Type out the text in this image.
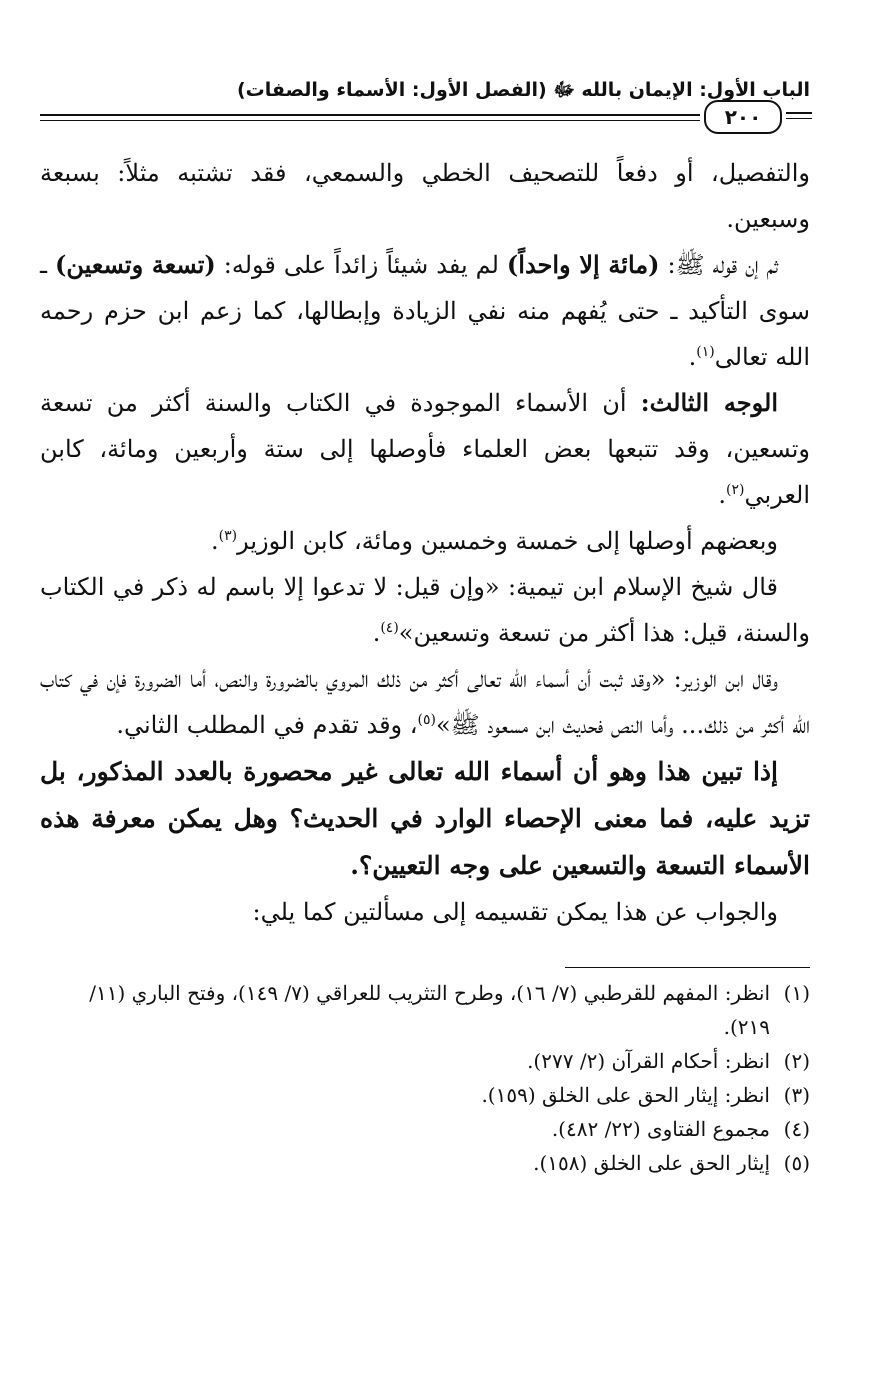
الباب الأول: الإيمان بالله ﷻ (الفصل الأول: الأسماء والصفات)
٢٠٠

والتفصيل، أو دفعاً للتصحيف الخطي والسمعي، فقد تشتبه مثلاً: بسبعة وسبعين.

ثم إن قوله ﷺ: (مائة إلا واحداً) لم يفد شيئاً زائداً على قوله: (تسعة وتسعين) ـ سوى التأكيد ـ حتى يُفهم منه نفي الزيادة وإبطالها، كما زعم ابن حزم رحمه الله تعالى$^{(١)}$.

الوجه الثالث: أن الأسماء الموجودة في الكتاب والسنة أكثر من تسعة وتسعين، وقد تتبعها بعض العلماء فأوصلها إلى ستة وأربعين ومائة، كابن العربي$^{(٢)}$.

وبعضهم أوصلها إلى خمسة وخمسين ومائة، كابن الوزير$^{(٣)}$.

قال شيخ الإسلام ابن تيمية: «وإن قيل: لا تدعوا إلا باسم له ذكر في الكتاب والسنة، قيل: هذا أكثر من تسعة وتسعين»$^{(٤)}$.

وقال ابن الوزير: «وقد ثبت أن أسماء الله تعالى أكثر من ذلك المروي بالضرورة والنص، أما الضرورة فإن في كتاب الله أكثر من ذلك... وأما النص فحديث ابن مسعود ﷺ»$^{(٥)}$، وقد تقدم في المطلب الثاني.

إذا تبين هذا وهو أن أسماء الله تعالى غير محصورة بالعدد المذكور، بل تزيد عليه، فما معنى الإحصاء الوارد في الحديث؟ وهل يمكن معرفة هذه الأسماء التسعة والتسعين على وجه التعيين؟.

والجواب عن هذا يمكن تقسيمه إلى مسألتين كما يلي:

(١)
انظر: المفهم للقرطبي (٧/ ١٦)، وطرح التثريب للعراقي (٧/ ١٤٩)، وفتح الباري (١١/ ٢١٩).
(٢)
انظر: أحكام القرآن (٢/ ٢٧٧).
(٣)
انظر: إيثار الحق على الخلق (١٥٩).
(٤)
مجموع الفتاوى (٢٢/ ٤٨٢).
(٥)
إيثار الحق على الخلق (١٥٨).
